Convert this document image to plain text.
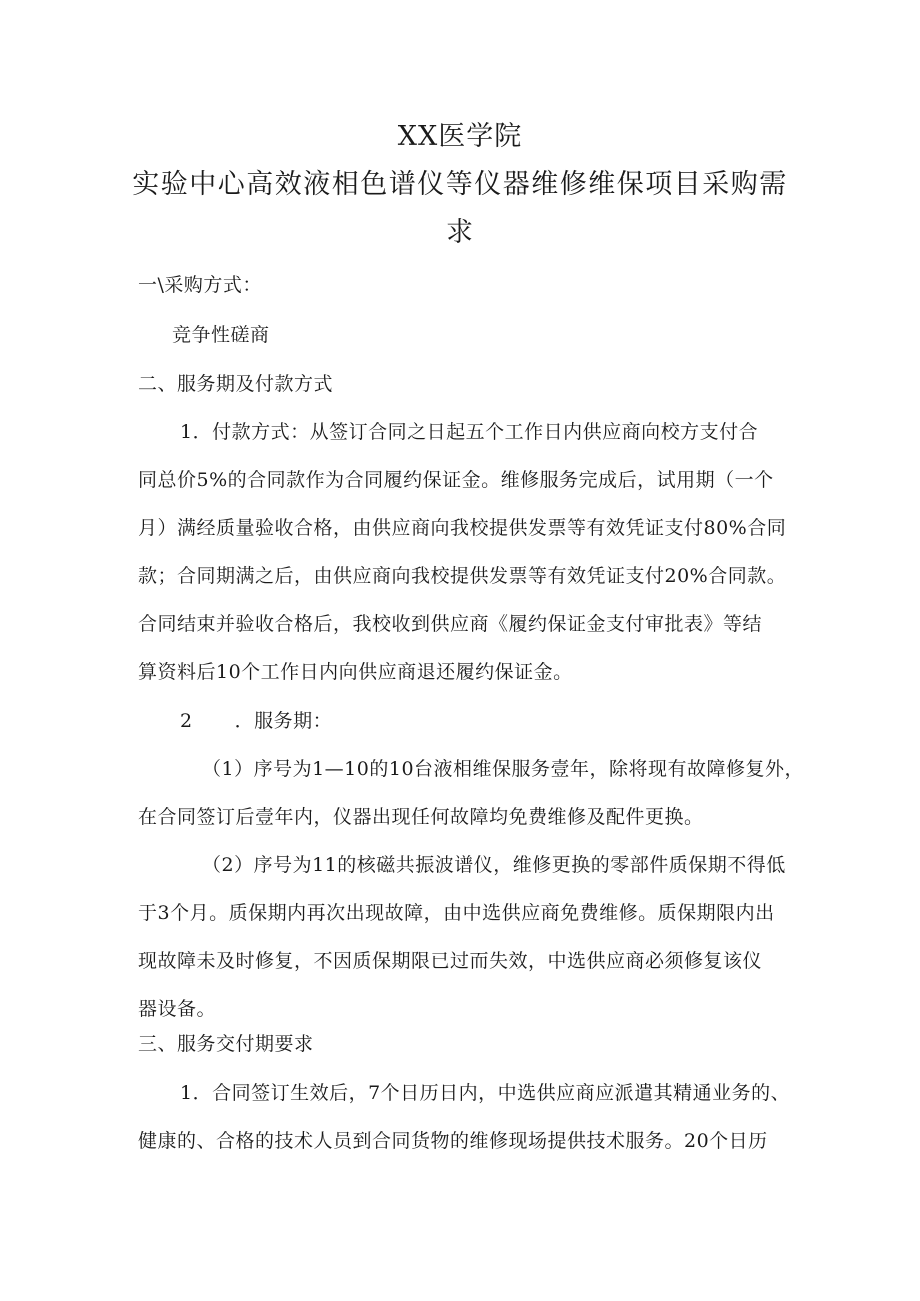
XX医学院
实验中心高效液相色谱仪等仪器维修维保项目采购需
求
一\采购方式：
竞争性磋商
二、服务期及付款方式
1．付款方式：从签订合同之日起五个工作日内供应商向校方支付合
同总价5%的合同款作为合同履约保证金。维修服务完成后，试用期（一个
月）满经质量验收合格，由供应商向我校提供发票等有效凭证支付80%合同
款；合同期满之后，由供应商向我校提供发票等有效凭证支付20%合同款。
合同结束并验收合格后，我校收到供应商《履约保证金支付审批表》等结
算资料后10个工作日内向供应商退还履约保证金。
2 ．服务期：
（1）序号为1—10的10台液相维保服务壹年，除将现有故障修复外，
在合同签订后壹年内，仪器出现任何故障均免费维修及配件更换。
（2）序号为11的核磁共振波谱仪，维修更换的零部件质保期不得低
于3个月。质保期内再次出现故障，由中选供应商免费维修。质保期限内出
现故障未及时修复，不因质保期限已过而失效，中选供应商必须修复该仪
器设备。
三、服务交付期要求
1．合同签订生效后，7个日历日内，中选供应商应派遣其精通业务的、
健康的、合格的技术人员到合同货物的维修现场提供技术服务。20个日历
